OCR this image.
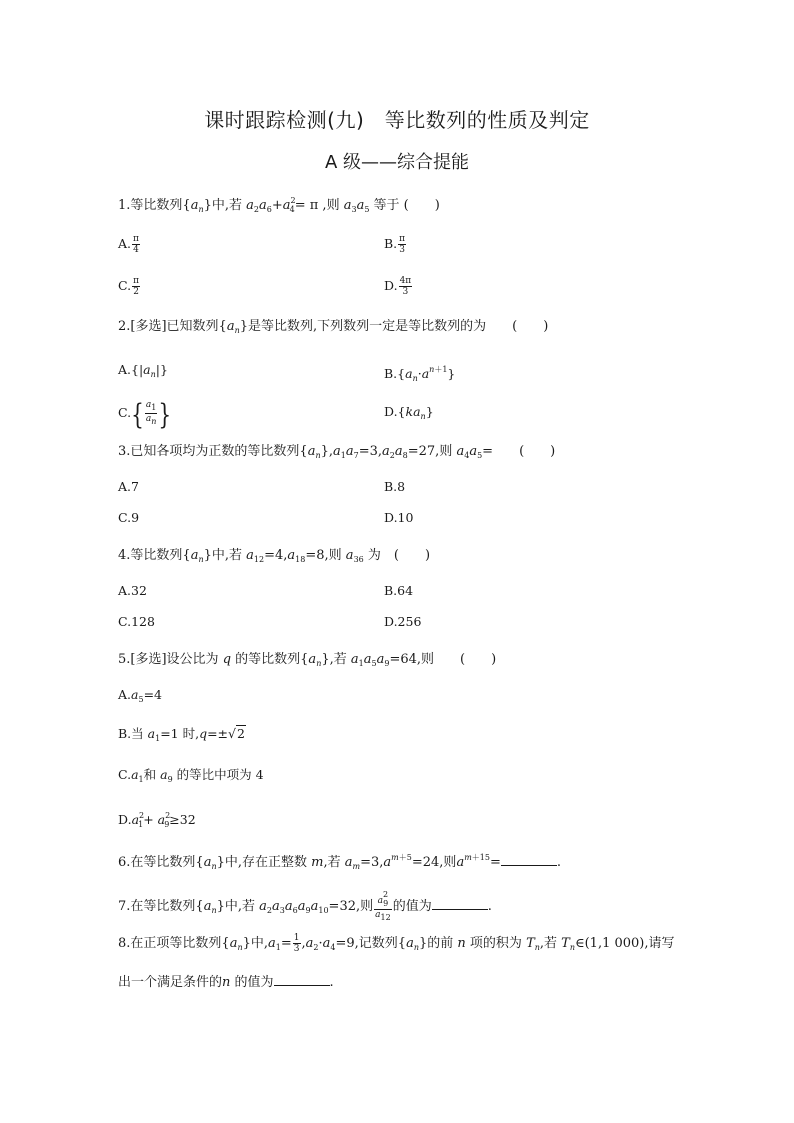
课时跟踪检测(九)　等比数列的性质及判定
A 级——综合提能
1.等比数列$\{a_n\}$中,若 $a_2a_6+a^2_4= \pi$ ,则 $a_3a_5$ 等于 (　　)
A. $\frac{\pi}{4}$	B. $\frac{\pi}{3}$
C. $\frac{\pi}{2}$	D. $\frac{4\pi}{3}$
2.[多选]已知数列$\{a_n\}$是等比数列,下列数列一定是等比数列的为　　(　　)
$A.\{|a_n|\}$	$B.\{a_n\cdot a^{n+1}\}$
$C.\{ \frac{a_1}{a_n}$ }	$D.\{ka_n\}$
3.已知各项均为正数的等比数列$\{a_n\},a_1a_7=3,a_2a_8=27$,则 $a_4a_5=$　　(　　)
A.7	B.8
C.9	D.10
4.等比数列$\{a_n\}$中,若 $a_{12}=4,a_{18}=8$,则 $a_{36}$ 为　(　　)
A.32	B.64
C.128	D.256
5.[多选]设公比为 q 的等比数列$\{a_n\}$,若 $a_1a_5a_9=64$,则　　(　　)
$A.a_5=4$
B.当 $a_1=1$ 时,q=±√2
$C.a_1$和 $a_9$ 的等比中项为 4
$D.a^2_1+ a^2_9\ge 32$
6.在等比数列$\{a_n\}$中,存在正整数 m,若 $a_m=3,a^{m+5}=24$,则$a^{m+15}=$	.
7.在等比数列$\{a_n\}$中,若 $a_2a_3a_6a_9a_{10}=32$,则 $\frac{a^2_9}{a_{12}}$ 的值为	.
8.在正项等比数列$\{a_n\}$中$,a_1= \frac{1}{3} ,a_2\cdot a_4=9$,记数列$\{a_n\}$的前 n 项的积为 $T_n$,若 $T_n\in(1,1$ 000),请写
出一个满足条件的n 的值为	.
